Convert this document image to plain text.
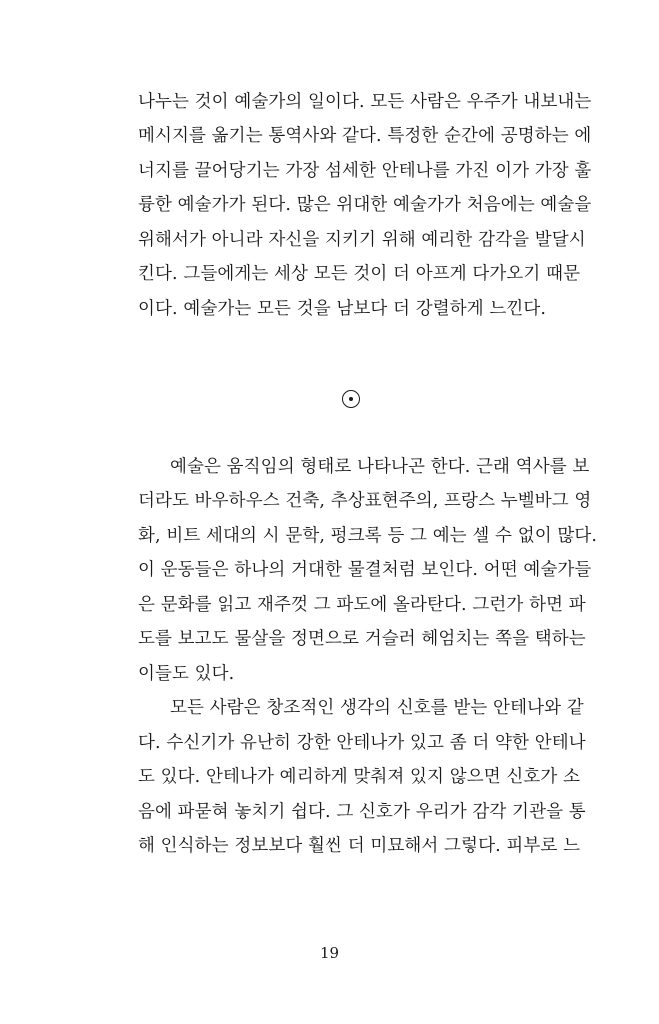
나누는 것이 예술가의 일이다. 모든 사람은 우주가 내보내는
메시지를 옮기는 통역사와 같다. 특정한 순간에 공명하는 에
너지를 끌어당기는 가장 섬세한 안테나를 가진 이가 가장 훌
륭한 예술가가 된다. 많은 위대한 예술가가 처음에는 예술을
위해서가 아니라 자신을 지키기 위해 예리한 감각을 발달시
킨다. 그들에게는 세상 모든 것이 더 아프게 다가오기 때문
이다. 예술가는 모든 것을 남보다 더 강렬하게 느낀다.
예술은 움직임의 형태로 나타나곤 한다. 근래 역사를 보
더라도 바우하우스 건축, 추상표현주의, 프랑스 누벨바그 영
화, 비트 세대의 시 문학, 펑크록 등 그 예는 셀 수 없이 많다.
이 운동들은 하나의 거대한 물결처럼 보인다. 어떤 예술가들
은 문화를 읽고 재주껏 그 파도에 올라탄다. 그런가 하면 파
도를 보고도 물살을 정면으로 거슬러 헤엄치는 쪽을 택하는
이들도 있다.
모든 사람은 창조적인 생각의 신호를 받는 안테나와 같
다. 수신기가 유난히 강한 안테나가 있고 좀 더 약한 안테나
도 있다. 안테나가 예리하게 맞춰져 있지 않으면 신호가 소
음에 파묻혀 놓치기 쉽다. 그 신호가 우리가 감각 기관을 통
해 인식하는 정보보다 훨씬 더 미묘해서 그렇다. 피부로 느
19
